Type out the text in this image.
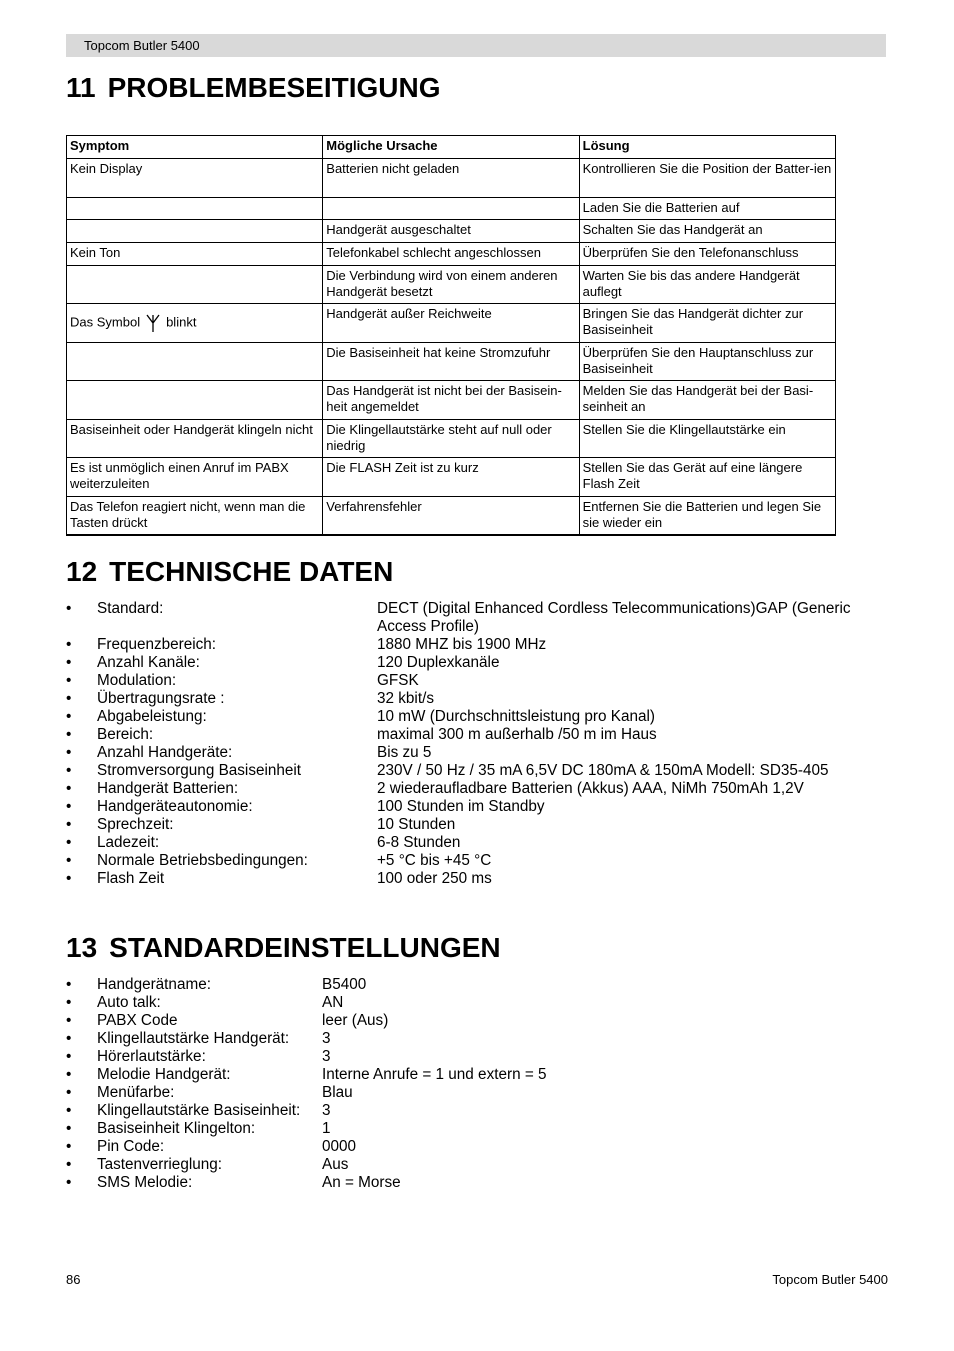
Topcom Butler 5400
11 PROBLEMBESEITIGUNG
Symptom	Mögliche Ursache	Lösung
Kein Display	Batterien nicht geladen	Kontrollieren Sie die Position der Batter-ien
		Laden Sie die Batterien auf
	Handgerät ausgeschaltet	Schalten Sie das Handgerät an
Kein Ton	Telefonkabel schlecht angeschlossen	Überprüfen Sie den Telefonanschluss
	Die Verbindung wird von einem anderen Handgerät besetzt	Warten Sie bis das andere Handgerät auflegt
Das Symbol blinkt	Handgerät außer Reichweite	Bringen Sie das Handgerät dichter zur Basiseinheit
	Die Basiseinheit hat keine Stromzufuhr	Überprüfen Sie den Hauptanschluss zur Basiseinheit
	Das Handgerät ist nicht bei der Basisein-heit angemeldet	Melden Sie das Handgerät bei der Basi-seinheit an
Basiseinheit oder Handgerät klingeln nicht	Die Klingellautstärke steht auf null oder niedrig	Stellen Sie die Klingellautstärke ein
Es ist unmöglich einen Anruf im PABX weiterzuleiten	Die FLASH Zeit ist zu kurz	Stellen Sie das Gerät auf eine längere Flash Zeit
Das Telefon reagiert nicht, wenn man die Tasten drückt	Verfahrensfehler	Entfernen Sie die Batterien und legen Sie sie wieder ein
12 TECHNISCHE DATEN
•	Standard:	DECT (Digital Enhanced Cordless Telecommunications)GAP (Generic Access Profile)
•	Frequenzbereich:	1880 MHZ bis 1900 MHz
•	Anzahl Kanäle:	120 Duplexkanäle
•	Modulation:	GFSK
•	Übertragungsrate :	32 kbit/s
•	Abgabeleistung:	10 mW (Durchschnittsleistung pro Kanal)
•	Bereich:	maximal 300 m außerhalb /50 m im Haus
•	Anzahl Handgeräte:	Bis zu 5
•	Stromversorgung Basiseinheit	230V / 50 Hz / 35 mA 6,5V DC 180mA & 150mA Modell: SD35-405
•	Handgerät Batterien:	2 wiederaufladbare Batterien (Akkus) AAA, NiMh 750mAh 1,2V
•	Handgeräteautonomie:	100 Stunden im Standby
•	Sprechzeit:	10 Stunden
•	Ladezeit:	6-8 Stunden
•	Normale Betriebsbedingungen:	+5 °C bis +45 °C
•	Flash Zeit	100 oder 250 ms
13 STANDARDEINSTELLUNGEN
•	Handgerätname:	B5400
•	Auto talk:	AN
•	PABX Code	leer (Aus)
•	Klingellautstärke Handgerät:	3
•	Hörerlautstärke:	3
•	Melodie Handgerät:	Interne Anrufe = 1 und extern = 5
•	Menüfarbe:	Blau
•	Klingellautstärke Basiseinheit:	3
•	Basiseinheit Klingelton:	1
•	Pin Code:	0000
•	Tastenverrieglung:	Aus
•	SMS Melodie:	An = Morse
86	Topcom Butler 5400
